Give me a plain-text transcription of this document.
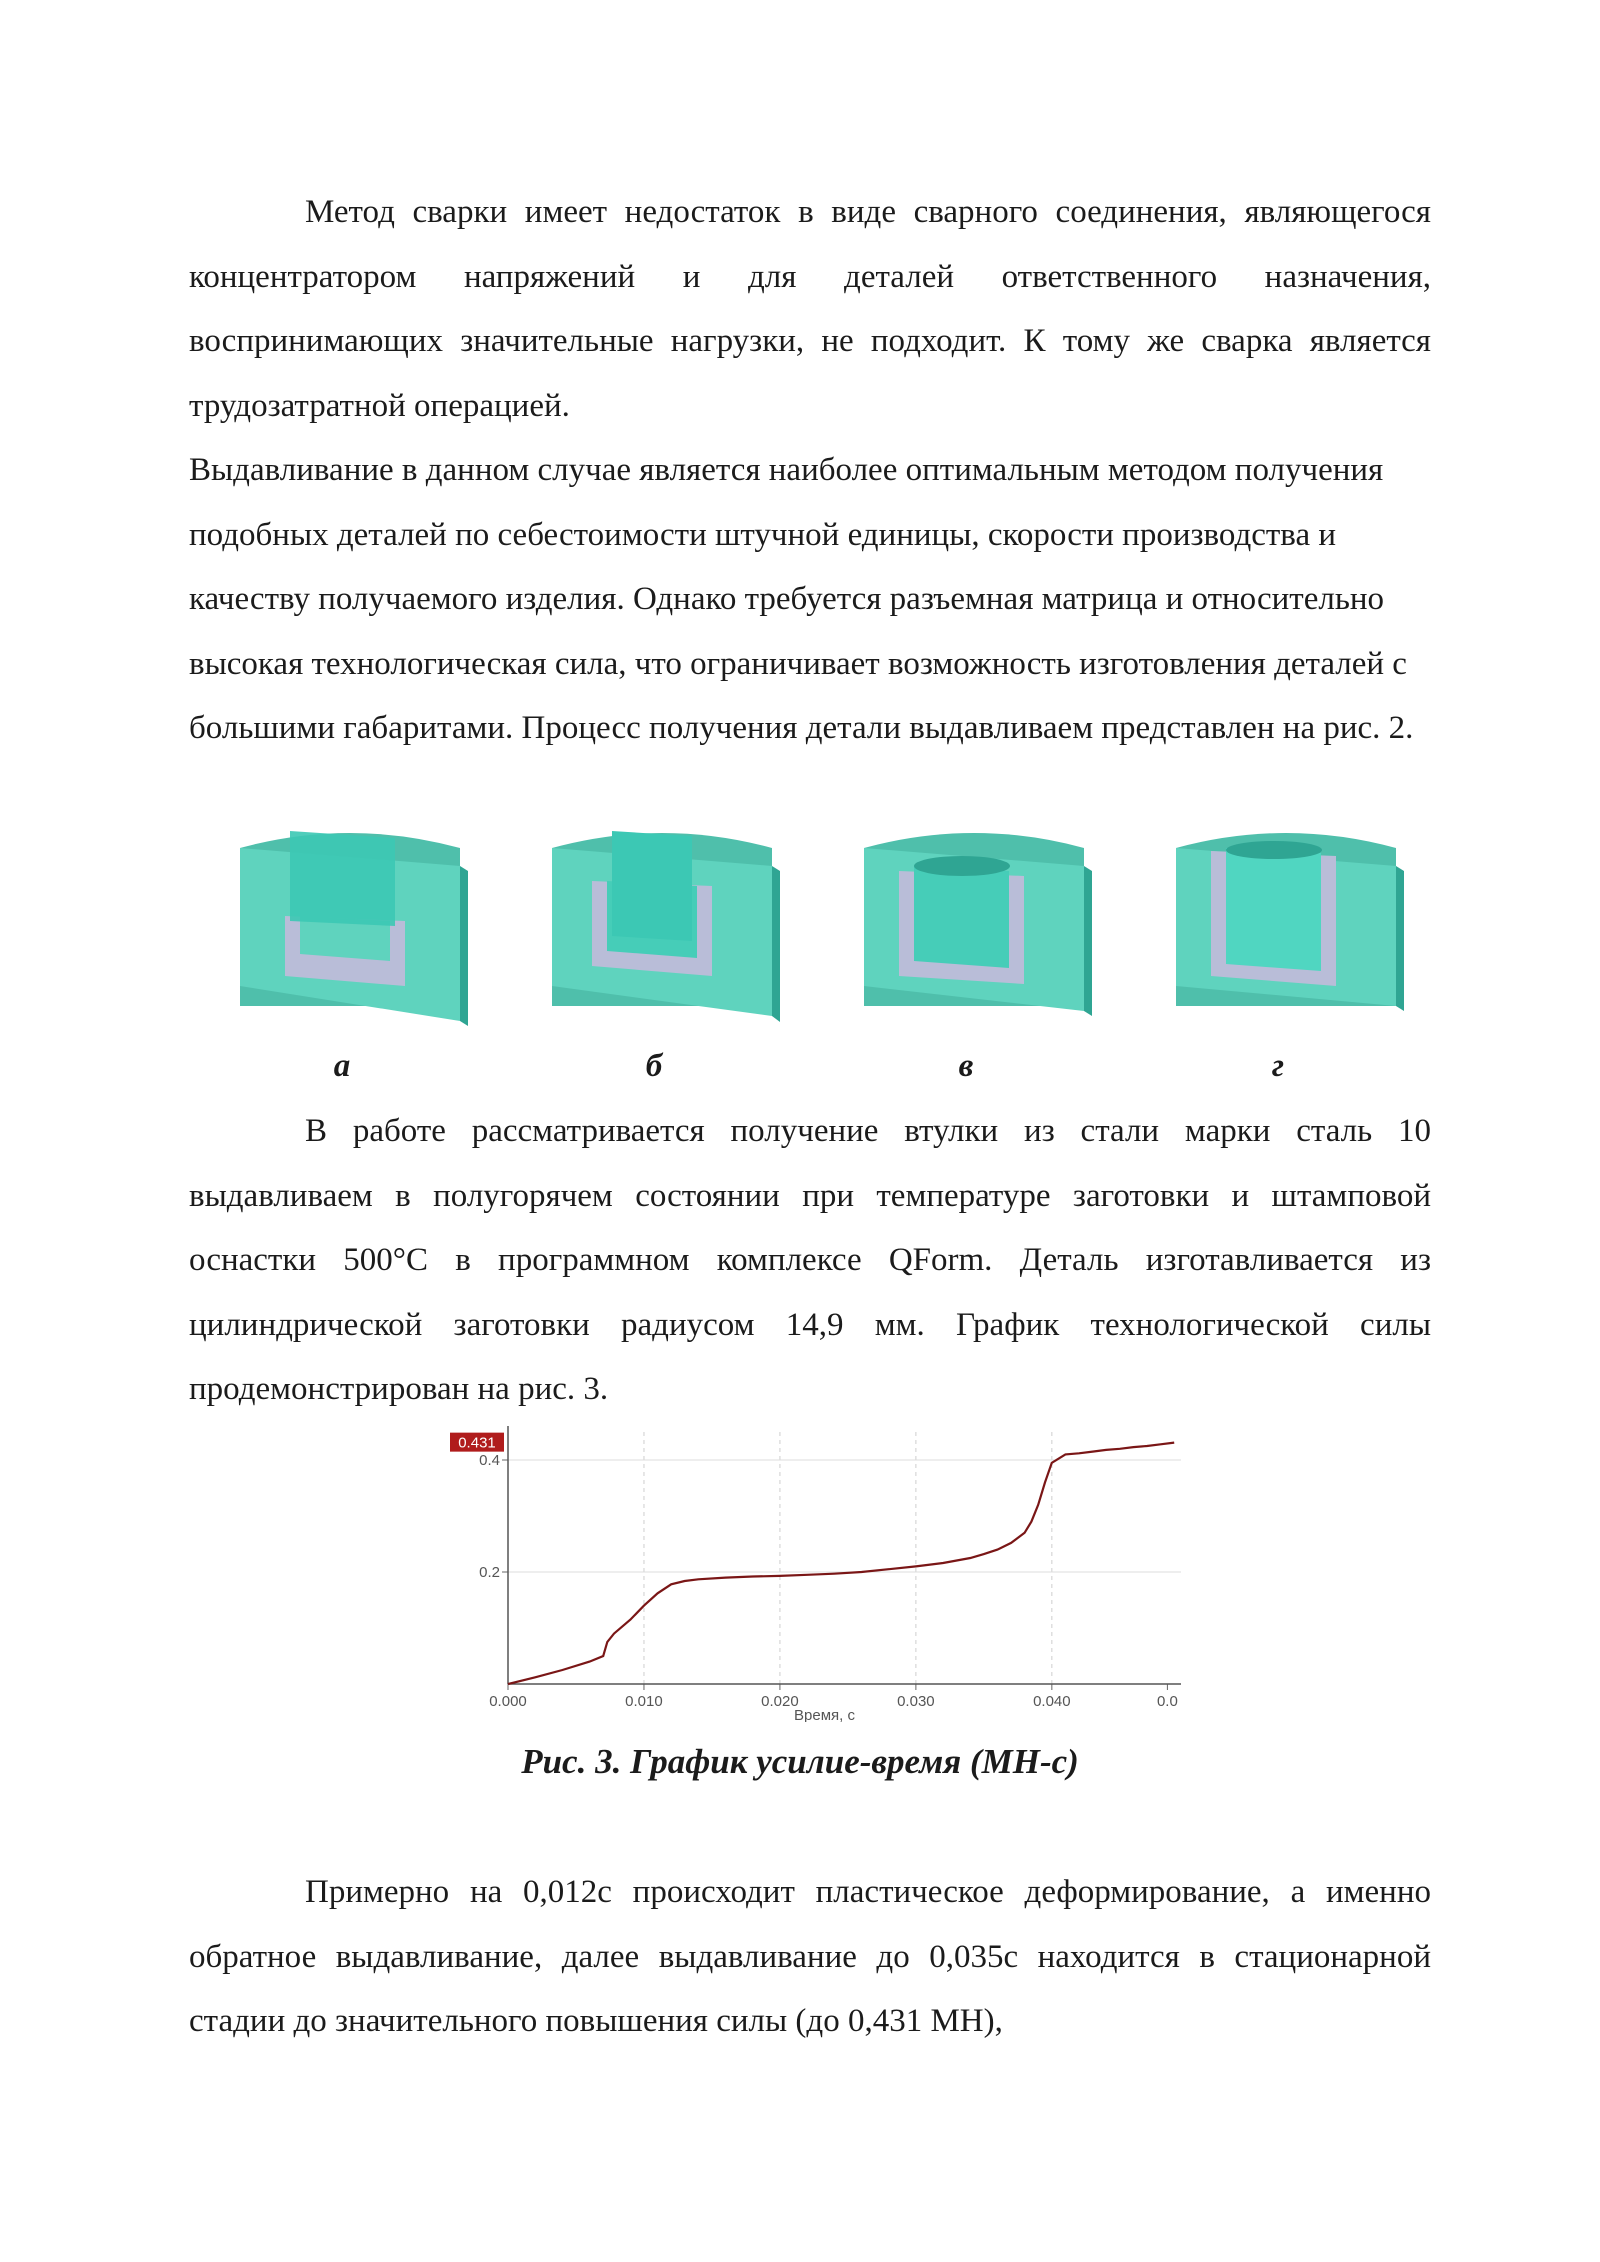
Метод сварки имеет недостаток в виде сварного соединения, являющегося концентратором напряжений и для деталей ответственного назначения, воспринимающих значительные нагрузки, не подходит. К тому же сварка является трудозатратной операцией.
Выдавливание в данном случае является наиболее оптимальным методом получения подобных деталей по себестоимости штучной единицы, скорости производства и качеству получаемого изделия. Однако требуется разъемная матрица и относительно высокая технологическая сила, что ограничивает возможность изготовления деталей с большими габаритами. Процесс получения детали выдавливаем представлен на рис. 2.
а	б	в	г
В работе рассматривается получение втулки из стали марки сталь 10 выдавливаем в полугорячем состоянии при температуре заготовки и штамповой оснастки 500°С в программном комплексе QForm. Деталь изготавливается из цилиндрической заготовки радиусом 14,9 мм. График технологической силы продемонстрирован на рис. 3.
0.000	0.010	0.020	0.030	0.040	0.0
0.2
0.4
Время, с
0.431
Рис. 3. График усилие-время (МН-с)
Примерно на 0,012с происходит пластическое деформирование, а именно обратное выдавливание, далее выдавливание до 0,035с находится в стационарной стадии до значительного повышения силы (до 0,431 МН),
